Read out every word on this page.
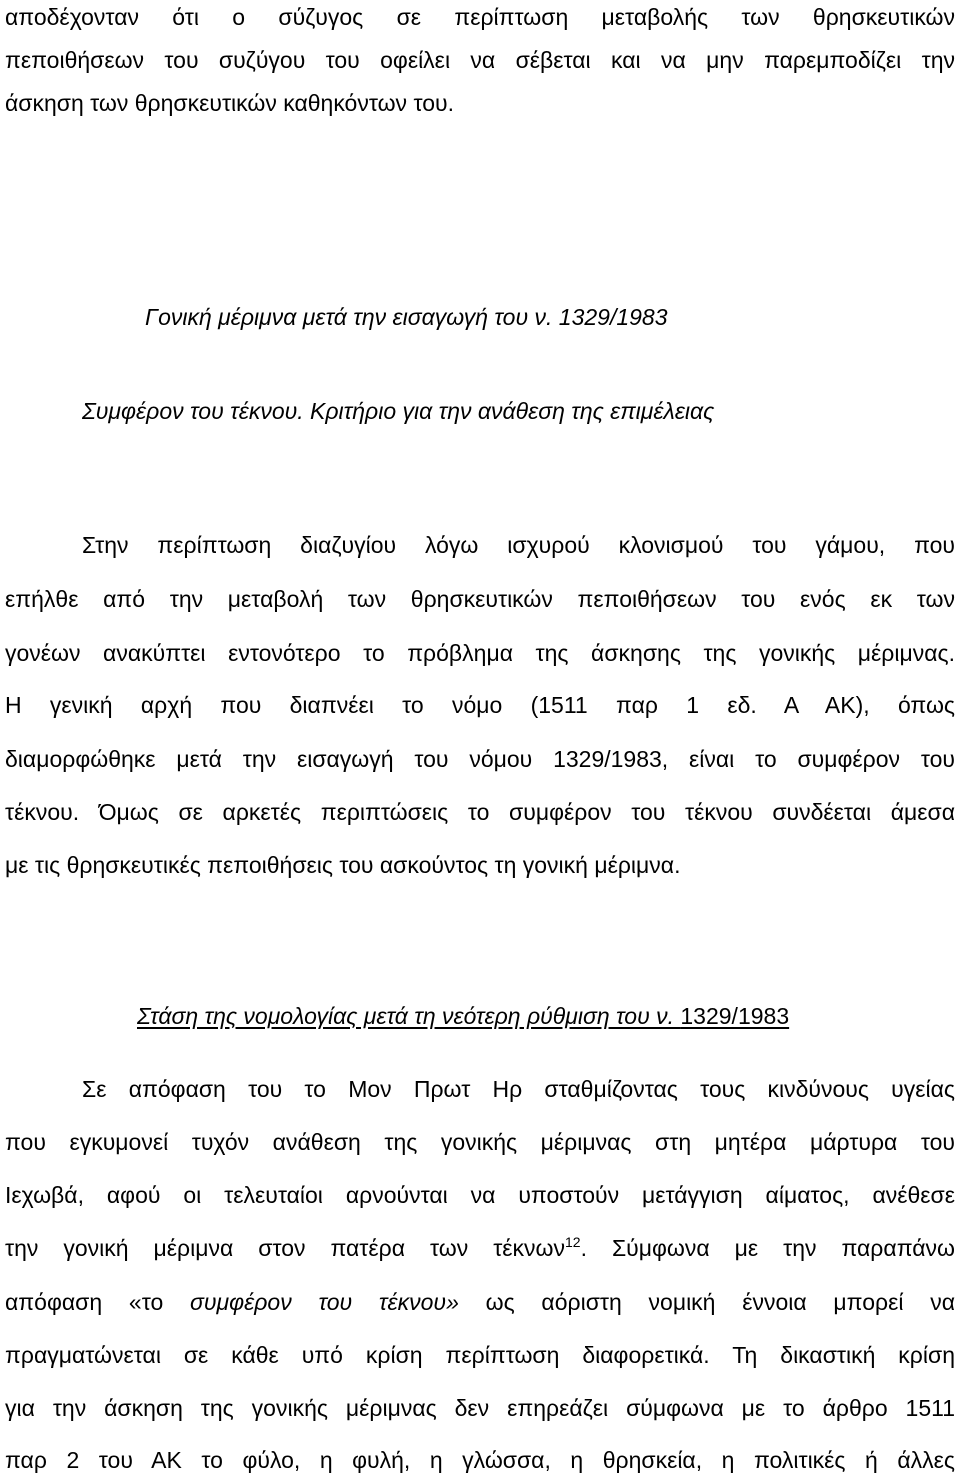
αποδέχονταν ότι ο σύζυγος σε περίπτωση μεταβολής των θρησκευτικών
πεποιθήσεων του συζύγου του οφείλει να σέβεται και να μην παρεμποδίζει την
άσκηση των θρησκευτικών καθηκόντων του.
Γονική μέριμνα μετά την εισαγωγή του ν. 1329/1983
Συμφέρον του τέκνου. Κριτήριο για την ανάθεση της επιμέλειας
Στην περίπτωση διαζυγίου λόγω ισχυρού κλονισμού του γάμου, που
επήλθε από την μεταβολή των θρησκευτικών πεποιθήσεων του ενός εκ των
γονέων ανακύπτει εντονότερο το πρόβλημα της άσκησης της γονικής μέριμνας.
Η γενική αρχή που διαπνέει το νόμο (1511 παρ 1 εδ. Α ΑΚ), όπως
διαμορφώθηκε μετά την εισαγωγή του νόμου 1329/1983, είναι το συμφέρον του
τέκνου. Όμως σε αρκετές περιπτώσεις το συμφέρον του τέκνου συνδέεται άμεσα
με τις θρησκευτικές πεποιθήσεις του ασκούντος τη γονική μέριμνα.
Στάση της νομολογίας μετά τη νεότερη ρύθμιση του ν. 1329/1983
Σε απόφαση του το Μον Πρωτ Ηρ σταθμίζοντας τους κινδύνους υγείας
που εγκυμονεί τυχόν ανάθεση της γονικής μέριμνας στη μητέρα μάρτυρα του
Ιεχωβά, αφού οι τελευταίοι αρνούνται να υποστούν μετάγγιση αίματος, ανέθεσε
την γονική μέριμνα στον πατέρα των τέκνων$^{12}$. Σύμφωνα με την παραπάνω
απόφαση «το συμφέρον του τέκνου» ως αόριστη νομική έννοια μπορεί να
πραγματώνεται σε κάθε υπό κρίση περίπτωση διαφορετικά. Τη δικαστική κρίση
για την άσκηση της γονικής μέριμνας δεν επηρεάζει σύμφωνα με το άρθρο 1511
παρ 2 του ΑΚ το φύλο, η φυλή, η γλώσσα, η θρησκεία, η πολιτικές ή άλλες
